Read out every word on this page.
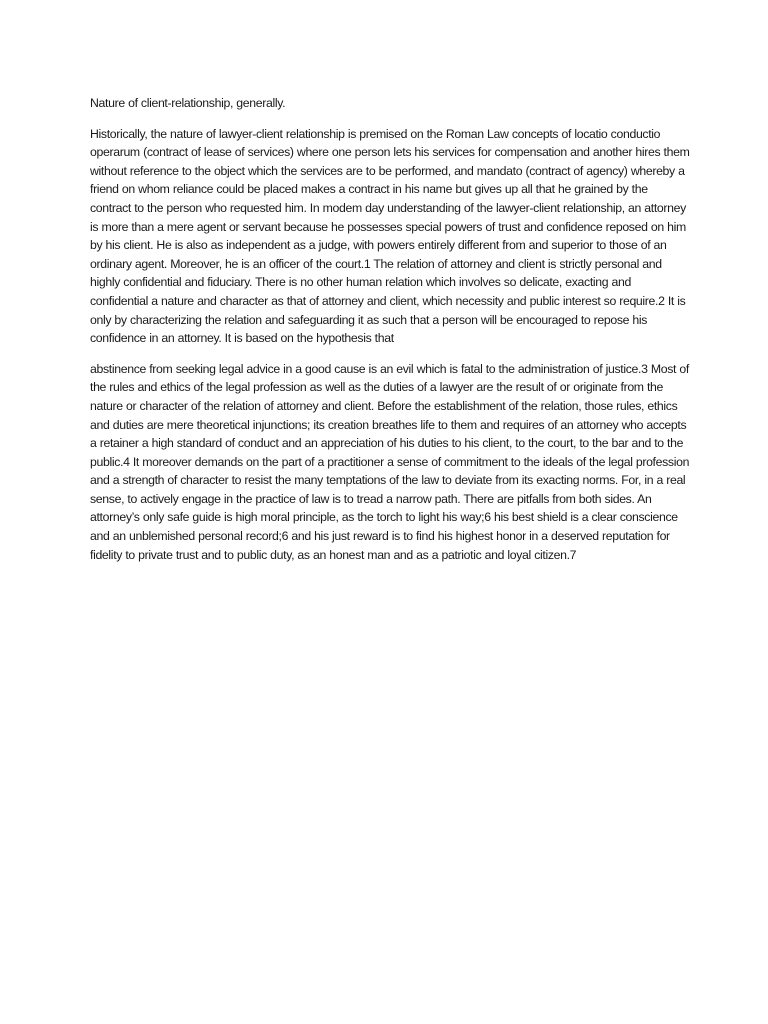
Nature of client-relationship, generally.

Historically, the nature of lawyer-client relationship is premised on the Roman Law concepts of locatio conductio operarum (contract of lease of services) where one person lets his services for compensation and another hires them without reference to the object which the services are to be performed, and mandato (contract of agency) whereby a friend on whom reliance could be placed makes a contract in his name but gives up all that he grained by the contract to the person who requested him. In modem day understanding of the lawyer-client relationship, an attorney is more than a mere agent or servant because he possesses special powers of trust and confidence reposed on him by his client. He is also as independent as a judge, with powers entirely different from and superior to those of an ordinary agent. Moreover, he is an officer of the court.1 The relation of attorney and client is strictly personal and highly confidential and fiduciary. There is no other human relation which involves so delicate, exacting and confidential a nature and character as that of attorney and client, which necessity and public interest so require.2 It is only by characterizing the relation and safeguarding it as such that a person will be encouraged to repose his confidence in an attorney. It is based on the hypothesis that

abstinence from seeking legal advice in a good cause is an evil which is fatal to the administration of justice.3 Most of the rules and ethics of the legal profession as well as the duties of a lawyer are the result of or originate from the nature or character of the relation of attorney and client. Before the establishment of the relation, those rules, ethics and duties are mere theoretical injunctions; its creation breathes life to them and requires of an attorney who accepts a retainer a high standard of conduct and an appreciation of his duties to his client, to the court, to the bar and to the public.4 It moreover demands on the part of a practitioner a sense of commitment to the ideals of the legal profession and a strength of character to resist the many temptations of the law to deviate from its exacting norms. For, in a real sense, to actively engage in the practice of law is to tread a narrow path. There are pitfalls from both sides. An attorney’s only safe guide is high moral principle, as the torch to light his way;6 his best shield is a clear conscience and an unblemished personal record;6 and his just reward is to find his highest honor in a deserved reputation for fidelity to private trust and to public duty, as an honest man and as a patriotic and loyal citizen.7
